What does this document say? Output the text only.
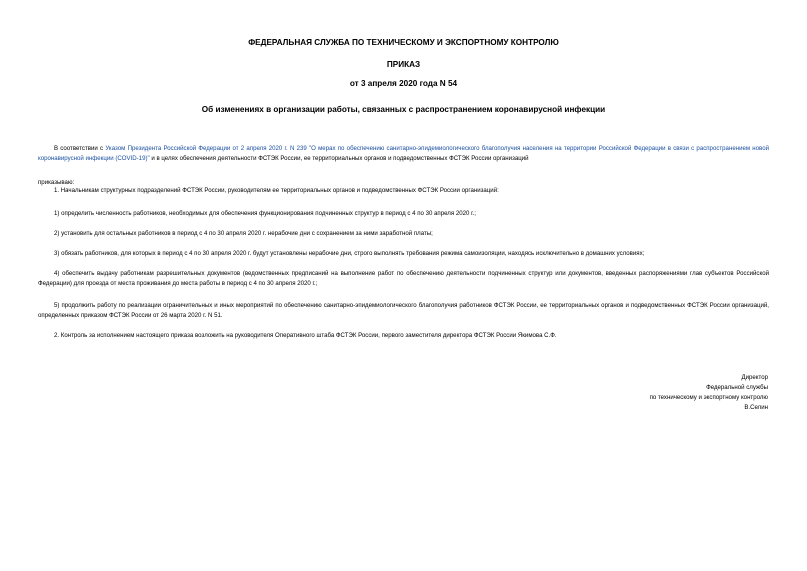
ФЕДЕРАЛЬНАЯ СЛУЖБА ПО ТЕХНИЧЕСКОМУ И ЭКСПОРТНОМУ КОНТРОЛЮ
ПРИКАЗ
от 3 апреля 2020 года N 54
Об изменениях в организации работы, связанных с распространением коронавирусной инфекции
В соответствии с Указом Президента Российской Федерации от 2 апреля 2020 г. N 239 "О мерах по обеспечению санитарно-эпидемиологического благополучия населения на территории Российской Федерации в связи с распространением новой коронавирусной инфекции (COVID-19)" и в целях обеспечения деятельности ФСТЭК России, ее территориальных органов и подведомственных ФСТЭК России организаций
приказываю:
1. Начальникам структурных подразделений ФСТЭК России, руководителям ее территориальных органов и подведомственных ФСТЭК России организаций:
1) определить численность работников, необходимых для обеспечения функционирования подчиненных структур в период с 4 по 30 апреля 2020 г.;
2) установить для остальных работников в период с 4 по 30 апреля 2020 г. нерабочие дни с сохранением за ними заработной платы;
3) обязать работников, для которых в период с 4 по 30 апреля 2020 г. будут установлены нерабочие дни, строго выполнять требования режима самоизоляции, находясь исключительно в домашних условиях;
4) обеспечить выдачу работникам разрешительных документов (ведомственных предписаний на выполнение работ по обеспечению деятельности подчиненных структур или документов, введенных распоряжениями глав субъектов Российской Федерации) для проезда от места проживания до места работы в период с 4 по 30 апреля 2020 г.;
5) продолжить работу по реализации ограничительных и иных мероприятий по обеспечению санитарно-эпидемиологического благополучия работников ФСТЭК России, ее территориальных органов и подведомственных ФСТЭК России организаций, определенных приказом ФСТЭК России от 26 марта 2020 г. N 51.
2. Контроль за исполнением настоящего приказа возложить на руководителя Оперативного штаба ФСТЭК России, первого заместителя директора ФСТЭК России Якимова С.Ф.
Директор
Федеральной службы
по техническому и экспортному контролю
В.Селин
